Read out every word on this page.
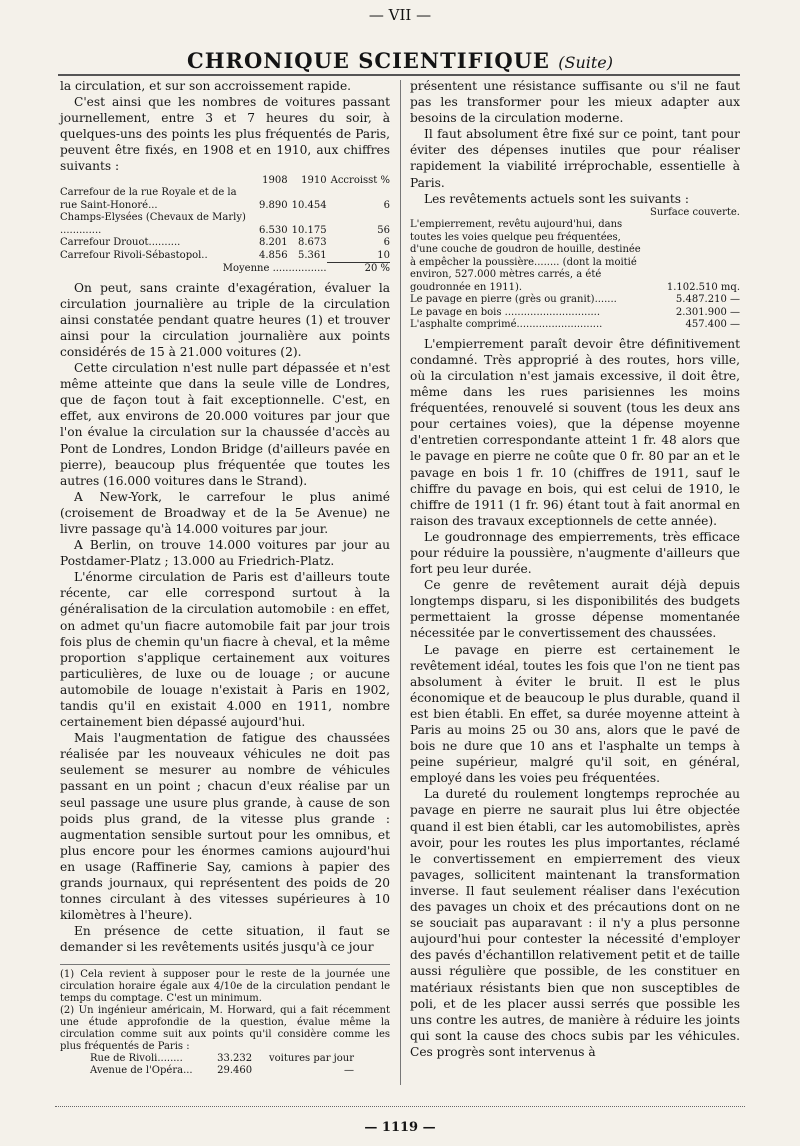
— VII —
CHRONIQUE SCIENTIFIQUE (Suite)

la circulation, et sur son accroissement rapide.

C'est ainsi que les nombres de voitures passant journellement, entre 3 et 7 heures du soir, à quelques-uns des points les plus fréquentés de Paris, peuvent être fixés, en 1908 et en 1910, aux chiffres suivants :

	1908	1910	Accroisst %
Carrefour de la rue Royale et de la rue Saint-Honoré...	9.890	10.454	6
Champs-Elysées (Chevaux de Marly) .............	6.530	10.175	56
Carrefour Drouot..........	8.201	8.673	6
Carrefour Rivoli-Sébastopol..	4.856	5.361	10
Moyenne .................			20 %

On peut, sans crainte d'exagération, évaluer la circulation journalière au triple de la circulation ainsi constatée pendant quatre heures (1) et trouver ainsi pour la circulation journalière aux points considérés de 15 à 21.000 voitures (2).

Cette circulation n'est nulle part dépassée et n'est même atteinte que dans la seule ville de Londres, que de façon tout à fait exceptionnelle. C'est, en effet, aux environs de 20.000 voitures par jour que l'on évalue la circulation sur la chaussée d'accès au Pont de Londres, London Bridge (d'ailleurs pavée en pierre), beaucoup plus fréquentée que toutes les autres (16.000 voitures dans le Strand).

A New-York, le carrefour le plus animé (croisement de Broadway et de la 5e Avenue) ne livre passage qu'à 14.000 voitures par jour.

A Berlin, on trouve 14.000 voitures par jour au Postdamer-Platz ; 13.000 au Friedrich-Platz.

L'énorme circulation de Paris est d'ailleurs toute récente, car elle correspond surtout à la généralisation de la circulation automobile : en effet, on admet qu'un fiacre automobile fait par jour trois fois plus de chemin qu'un fiacre à cheval, et la même proportion s'applique certainement aux voitures particulières, de luxe ou de louage ; or aucune automobile de louage n'existait à Paris en 1902, tandis qu'il en existait 4.000 en 1911, nombre certainement bien dépassé aujourd'hui.

Mais l'augmentation de fatigue des chaussées réalisée par les nouveaux véhicules ne doit pas seulement se mesurer au nombre de véhicules passant en un point ; chacun d'eux réalise par un seul passage une usure plus grande, à cause de son poids plus grand, de la vitesse plus grande : augmentation sensible surtout pour les omnibus, et plus encore pour les énormes camions aujourd'hui en usage (Raffinerie Say, camions à papier des grands journaux, qui représentent des poids de 20 tonnes circulant à des vitesses supérieures à 10 kilomètres à l'heure).

En présence de cette situation, il faut se demander si les revêtements usités jusqu'à ce jour

(1) Cela revient à supposer pour le reste de la journée une circulation horaire égale aux 4/10e de la circulation pendant le temps du comptage. C'est un minimum.

(2) Un ingénieur américain, M. Horward, qui a fait récemment une étude approfondie de la question, évalue même la circulation comme suit aux points qu'il considère comme les plus fréquentés de Paris :

Rue de Rivoli........	33.232	voitures par jour
Avenue de l'Opéra...	29.460	—

présentent une résistance suffisante ou s'il ne faut pas les transformer pour les mieux adapter aux besoins de la circulation moderne.

Il faut absolument être fixé sur ce point, tant pour éviter des dépenses inutiles que pour réaliser rapidement la viabilité irréprochable, essentielle à Paris.

Les revêtements actuels sont les suivants :

	Surface couverte.
L'empierrement, revêtu aujourd'hui, dans toutes les voies quelque peu fréquentées, d'une couche de goudron de houille, destinée à empêcher la poussière........ (dont la moitié environ, 527.000 mètres carrés, a été goudronnée en 1911).	1.102.510 mq.
Le pavage en pierre (grès ou granit).......	5.487.210 —
Le pavage en bois ..............................	2.301.900 —
L'asphalte comprimé...........................	457.400 —

L'empierrement paraît devoir être définitivement condamné. Très approprié à des routes, hors ville, où la circulation n'est jamais excessive, il doit être, même dans les rues parisiennes les moins fréquentées, renouvelé si souvent (tous les deux ans pour certaines voies), que la dépense moyenne d'entretien correspondante atteint 1 fr. 48 alors que le pavage en pierre ne coûte que 0 fr. 80 par an et le pavage en bois 1 fr. 10 (chiffres de 1911, sauf le chiffre du pavage en bois, qui est celui de 1910, le chiffre de 1911 (1 fr. 96) étant tout à fait anormal en raison des travaux exceptionnels de cette année).

Le goudronnage des empierrements, très efficace pour réduire la poussière, n'augmente d'ailleurs que fort peu leur durée.

Ce genre de revêtement aurait déjà depuis longtemps disparu, si les disponibilités des budgets permettaient la grosse dépense momentanée nécessitée par le convertissement des chaussées.

Le pavage en pierre est certainement le revêtement idéal, toutes les fois que l'on ne tient pas absolument à éviter le bruit. Il est le plus économique et de beaucoup le plus durable, quand il est bien établi. En effet, sa durée moyenne atteint à Paris au moins 25 ou 30 ans, alors que le pavé de bois ne dure que 10 ans et l'asphalte un temps à peine supérieur, malgré qu'il soit, en général, employé dans les voies peu fréquentées.

La dureté du roulement longtemps reprochée au pavage en pierre ne saurait plus lui être objectée quand il est bien établi, car les automobilistes, après avoir, pour les routes les plus importantes, réclamé le convertissement en empierrement des vieux pavages, sollicitent maintenant la transformation inverse. Il faut seulement réaliser dans l'exécution des pavages un choix et des précautions dont on ne se souciait pas auparavant : il n'y a plus personne aujourd'hui pour contester la nécessité d'employer des pavés d'échantillon relativement petit et de taille aussi régulière que possible, de les constituer en matériaux résistants bien que non susceptibles de poli, et de les placer aussi serrés que possible les uns contre les autres, de manière à réduire les joints qui sont la cause des chocs subis par les véhicules. Ces progrès sont intervenus à

— 1119 —
